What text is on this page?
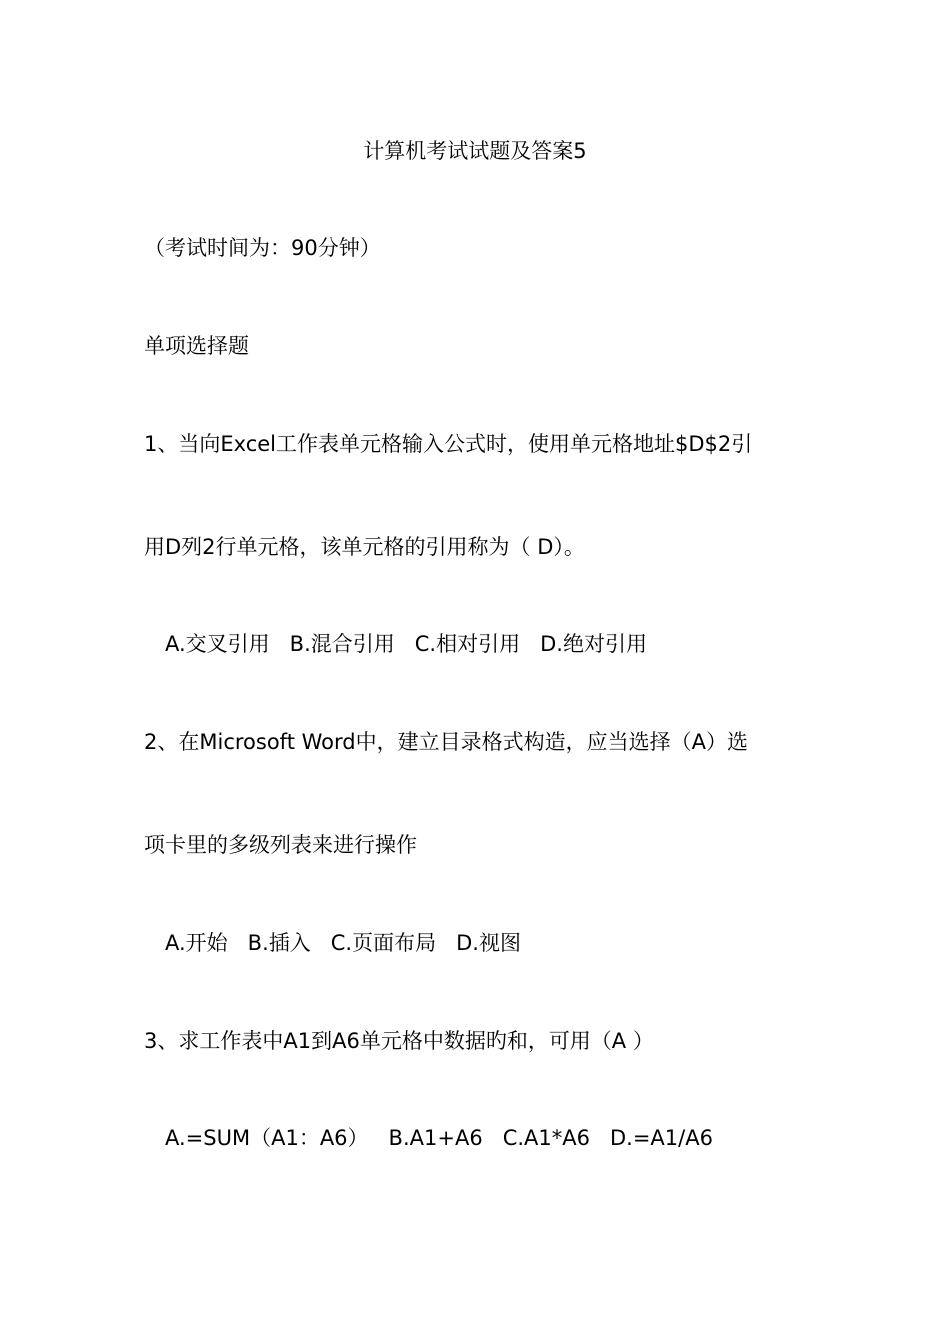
计算机考试试题及答案5
（考试时间为：90分钟）
单项选择题
1、当向Excel工作表单元格输入公式时，使用单元格地址$D$2引
用D列2行单元格，该单元格的引用称为（ D）。
A.交叉引用 B.混合引用 C.相对引用 D.绝对引用
2、在Microsoft Word中，建立目录格式构造，应当选择（A）选
项卡里的多级列表来进行操作
A.开始 B.插入 C.页面布局 D.视图
3、求工作表中A1到A6单元格中数据旳和，可用（A ）
A.=SUM（A1：A6） B.A1+A6 C.A1*A6 D.=A1/A6
